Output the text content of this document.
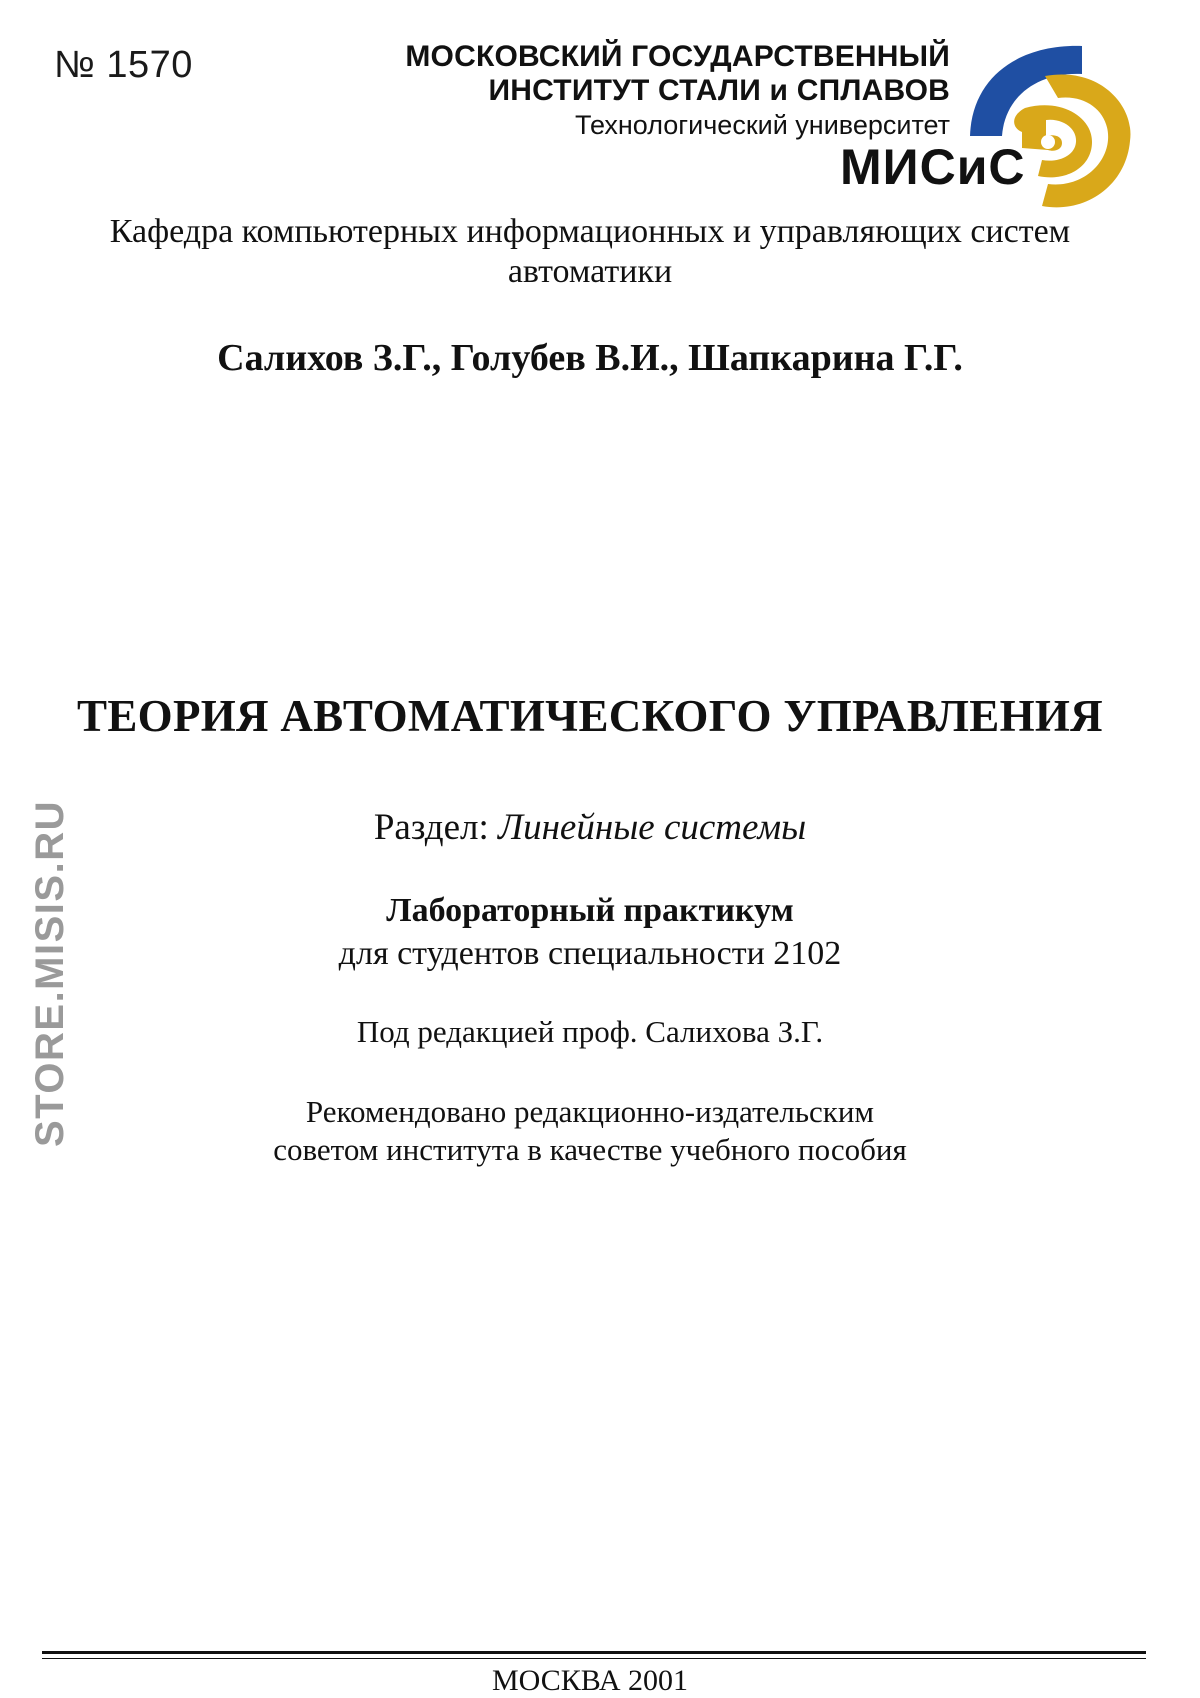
№ 1570	МОСКОВСКИЙ ГОСУДАРСТВЕННЫЙ
ИНСТИТУТ СТАЛИ и СПЛАВОВ
Технологический университет
МИСиС
Кафедра компьютерных информационных и управляющих систем
автоматики
Салихов З.Г., Голубев В.И., Шапкарина Г.Г.
ТЕОРИЯ АВТОМАТИЧЕСКОГО УПРАВЛЕНИЯ
Раздел: Линейные системы
Лабораторный практикум
для студентов специальности 2102
Под редакцией проф. Салихова З.Г.
Рекомендовано редакционно-издательским
советом института в качестве учебного пособия
STORE.MISIS.RU
МОСКВА 2001
